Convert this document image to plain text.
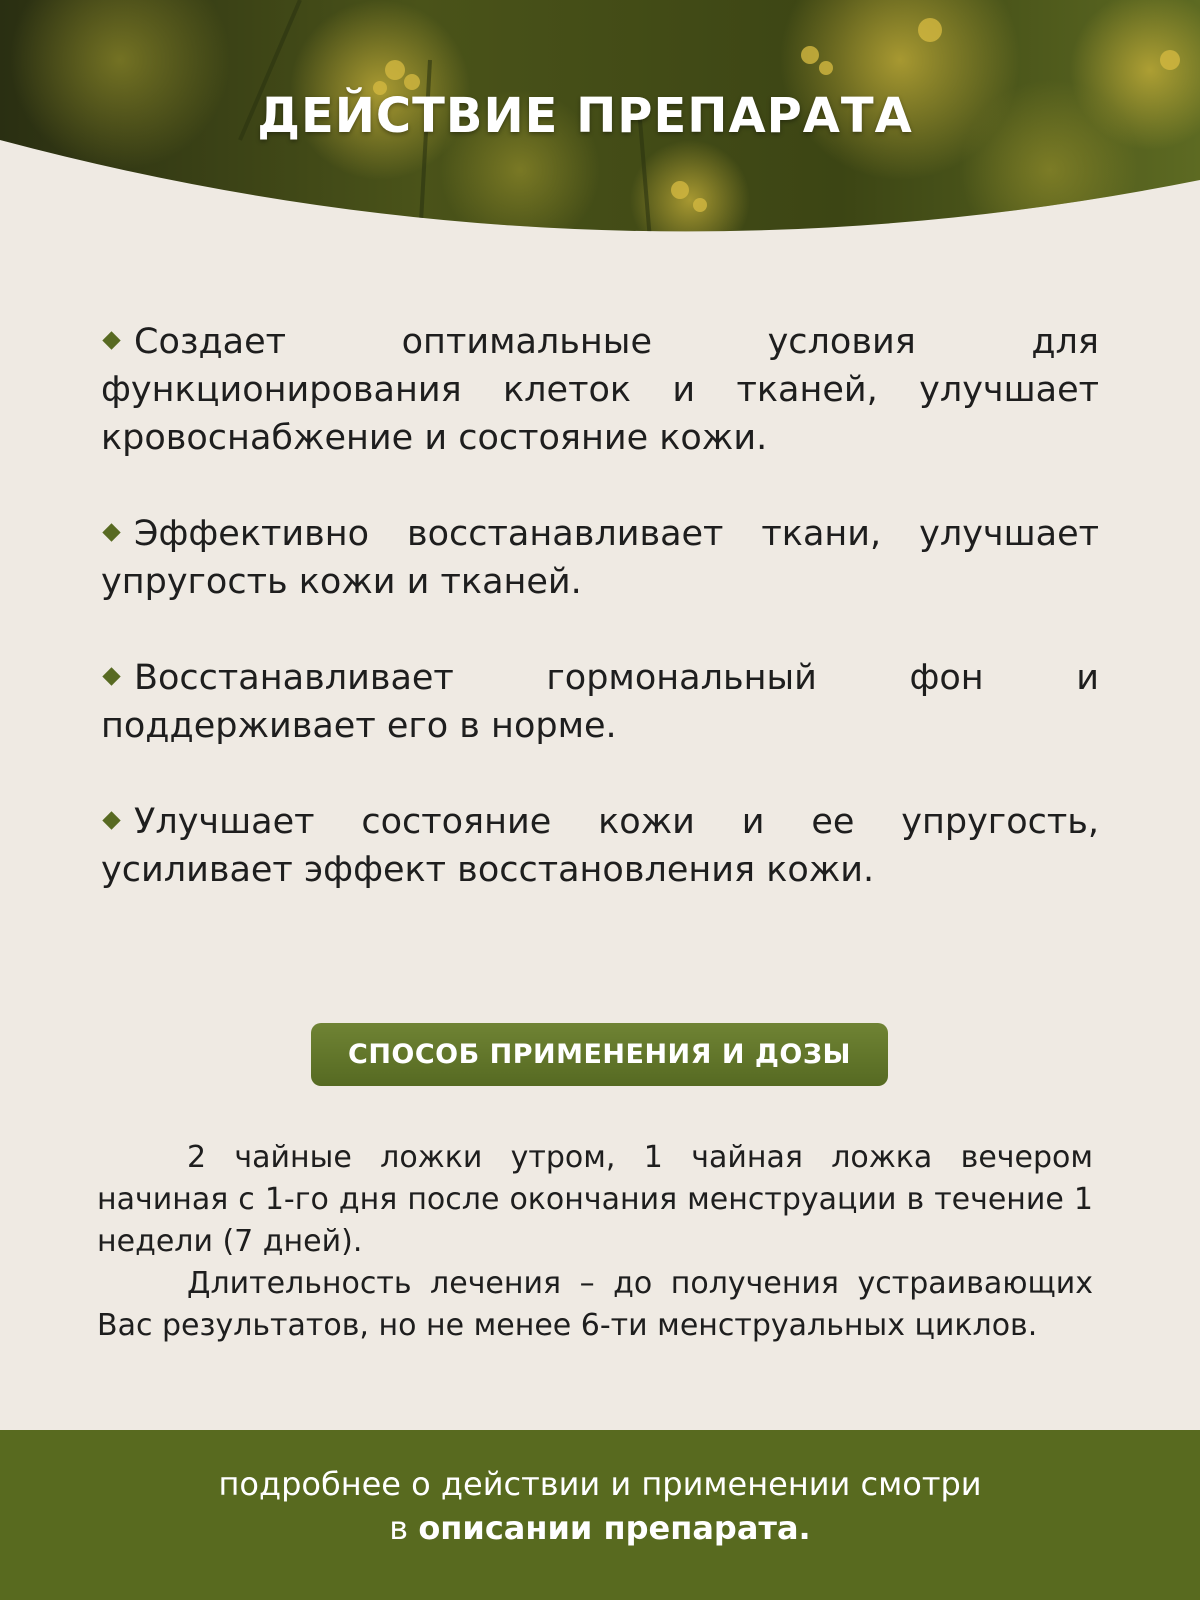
ДЕЙСТВИЕ ПРЕПАРАТА
Создает оптимальные условия для функционирования клеток и тканей, улучшает кровоснабжение и состояние кожи.
Эффективно восстанавливает ткани, улучшает упругость кожи и тканей.
Восстанавливает гормональный фон и поддерживает его в норме.
Улучшает состояние кожи и ее упругость, усиливает эффект восстановления кожи.
СПОСОБ ПРИМЕНЕНИЯ И ДОЗЫ

2 чайные ложки утром, 1 чайная ложка вечером начиная с 1-го дня после окончания менструации в течение 1 недели (7 дней).

Длительность лечения – до получения устраивающих Вас результатов, но не менее 6-ти менструальных циклов.

подробнее о действии и применении смотри
в описании препарата.
